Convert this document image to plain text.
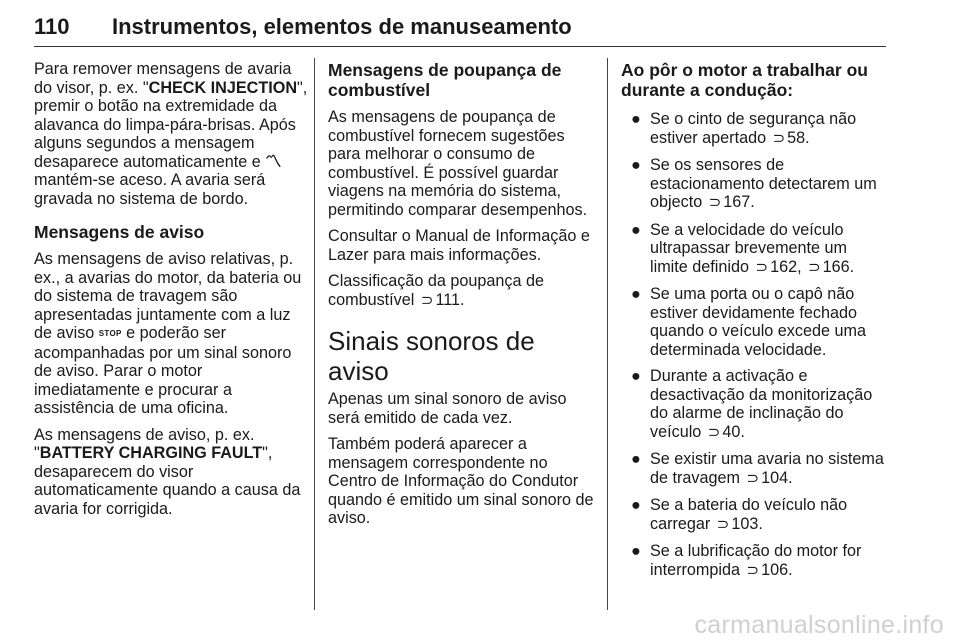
110 Instrumentos, elementos de manuseamento

Para remover mensagens de avaria
do visor, p. ex. "CHECK INJECTION",
premir o botão na extremidade da
alavanca do limpa-pára-brisas. Após
alguns segundos a mensagem
desaparece automaticamente e 〽
mantém-se aceso. A avaria será
gravada no sistema de bordo.

Mensagens de aviso

As mensagens de aviso relativas, p.
ex., a avarias do motor, da bateria ou
do sistema de travagem são
apresentadas juntamente com a luz
de aviso STOP e poderão ser
acompanhadas por um sinal sonoro
de aviso. Parar o motor
imediatamente e procurar a
assistência de uma oficina.

As mensagens de aviso, p. ex.
"BATTERY CHARGING FAULT",
desaparecem do visor
automaticamente quando a causa da
avaria for corrigida.

Mensagens de poupança de
combustível

As mensagens de poupança de
combustível fornecem sugestões
para melhorar o consumo de
combustível. É possível guardar
viagens na memória do sistema,
permitindo comparar desempenhos.

Consultar o Manual de Informação e
Lazer para mais informações.

Classificação da poupança de
combustível ⊃ 111.

Sinais sonoros de aviso

Apenas um sinal sonoro de aviso
será emitido de cada vez.

Também poderá aparecer a
mensagem correspondente no
Centro de Informação do Condutor
quando é emitido um sinal sonoro de
aviso.

Ao pôr o motor a trabalhar ou
durante a condução:
● Se o cinto de segurança não
estiver apertado ⊃ 58.
● Se os sensores de
estacionamento detectarem um
objecto ⊃ 167.
● Se a velocidade do veículo
ultrapassar brevemente um
limite definido ⊃ 162, ⊃ 166.
● Se uma porta ou o capô não
estiver devidamente fechado
quando o veículo excede uma
determinada velocidade.
● Durante a activação e
desactivação da monitorização
do alarme de inclinação do
veículo ⊃ 40.
● Se existir uma avaria no sistema
de travagem ⊃ 104.
● Se a bateria do veículo não
carregar ⊃ 103.
● Se a lubrificação do motor for
interrompida ⊃ 106.
carmanualsonline.info
